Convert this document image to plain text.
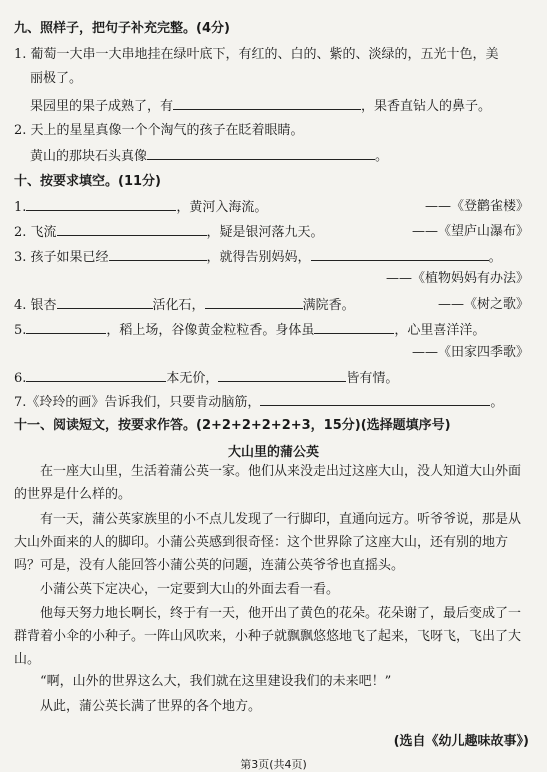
九、照样子，把句子补充完整。(4分)
1. 葡萄一大串一大串地挂在绿叶底下，有红的、白的、紫的、淡绿的，五光十色，美
丽极了。
果园里的果子成熟了，有	，果香直钻人的鼻子。
2. 天上的星星真像一个个淘气的孩子在眨着眼睛。
黄山的那块石头真像	。
十、按要求填空。(11分)
1.	，黄河入海流。	——《登鹳雀楼》
2. 飞流	，疑是银河落九天。	——《望庐山瀑布》
3. 孩子如果已经	，就得告别妈妈，	。
——《植物妈妈有办法》
4. 银杏	活化石，	满院香。	——《树之歌》
5.	，稻上场，谷像黄金粒粒香。身体虽	，心里喜洋洋。
——《田家四季歌》
6.	本无价，	皆有情。
7.《玲玲的画》告诉我们，只要肯动脑筋，	。
十一、阅读短文，按要求作答。(2+2+2+2+2+3，15分)(选择题填序号)
大山里的蒲公英
在一座大山里，生活着蒲公英一家。他们从来没走出过这座大山，没人知道大山外面的世界是什么样的。
有一天，蒲公英家族里的小不点儿发现了一行脚印，直通向远方。听爷爷说，那是从大山外面来的人的脚印。小蒲公英感到很奇怪：这个世界除了这座大山，还有别的地方吗？可是，没有人能回答小蒲公英的问题，连蒲公英爷爷也直摇头。
小蒲公英下定决心，一定要到大山的外面去看一看。
他每天努力地长啊长，终于有一天，他开出了黄色的花朵。花朵谢了，最后变成了一群背着小伞的小种子。一阵山风吹来，小种子就飘飘悠悠地飞了起来，飞呀飞，飞出了大山。
“啊，山外的世界这么大，我们就在这里建设我们的未来吧！”
从此，蒲公英长满了世界的各个地方。
(选自《幼儿趣味故事》)
第3页(共4页)
